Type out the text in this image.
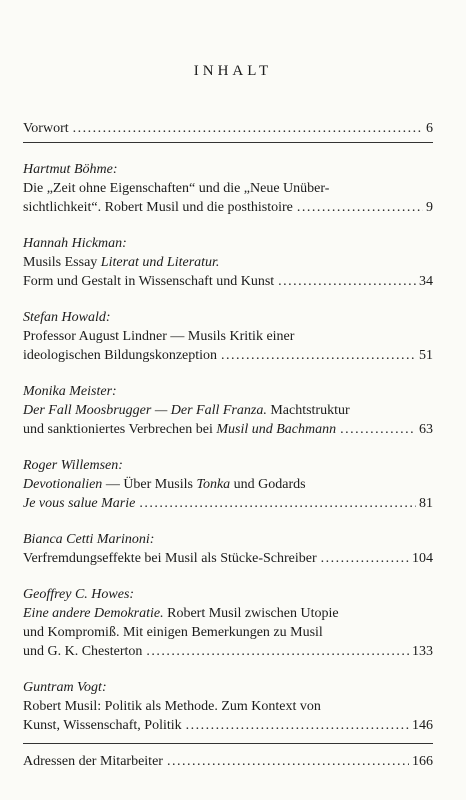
INHALT
Vorwort . . .	6
Hartmut Böhme:
Die „Zeit ohne Eigenschaften“ und die „Neue Unüber-
sichtlichkeit“. Robert Musil und die posthistoire . . .	9
Hannah Hickman:
Musils Essay Literat und Literatur.
Form und Gestalt in Wissenschaft und Kunst . . .	34
Stefan Howald:
Professor August Lindner — Musils Kritik einer
ideologischen Bildungskonzeption . . .	51
Monika Meister:
Der Fall Moosbrugger — Der Fall Franza. Machtstruktur
und sanktioniertes Verbrechen bei Musil und Bachmann . . .	63
Roger Willemsen:
Devotionalien — Über Musils Tonka und Godards
Je vous salue Marie . . .	81
Bianca Cetti Marinoni:
Verfremdungseffekte bei Musil als Stücke-Schreiber . . .	104
Geoffrey C. Howes:
Eine andere Demokratie. Robert Musil zwischen Utopie
und Kompromiß. Mit einigen Bemerkungen zu Musil
und G. K. Chesterton . . .	133
Guntram Vogt:
Robert Musil: Politik als Methode. Zum Kontext von
Kunst, Wissenschaft, Politik . . .	146
Adressen der Mitarbeiter . . .	166
